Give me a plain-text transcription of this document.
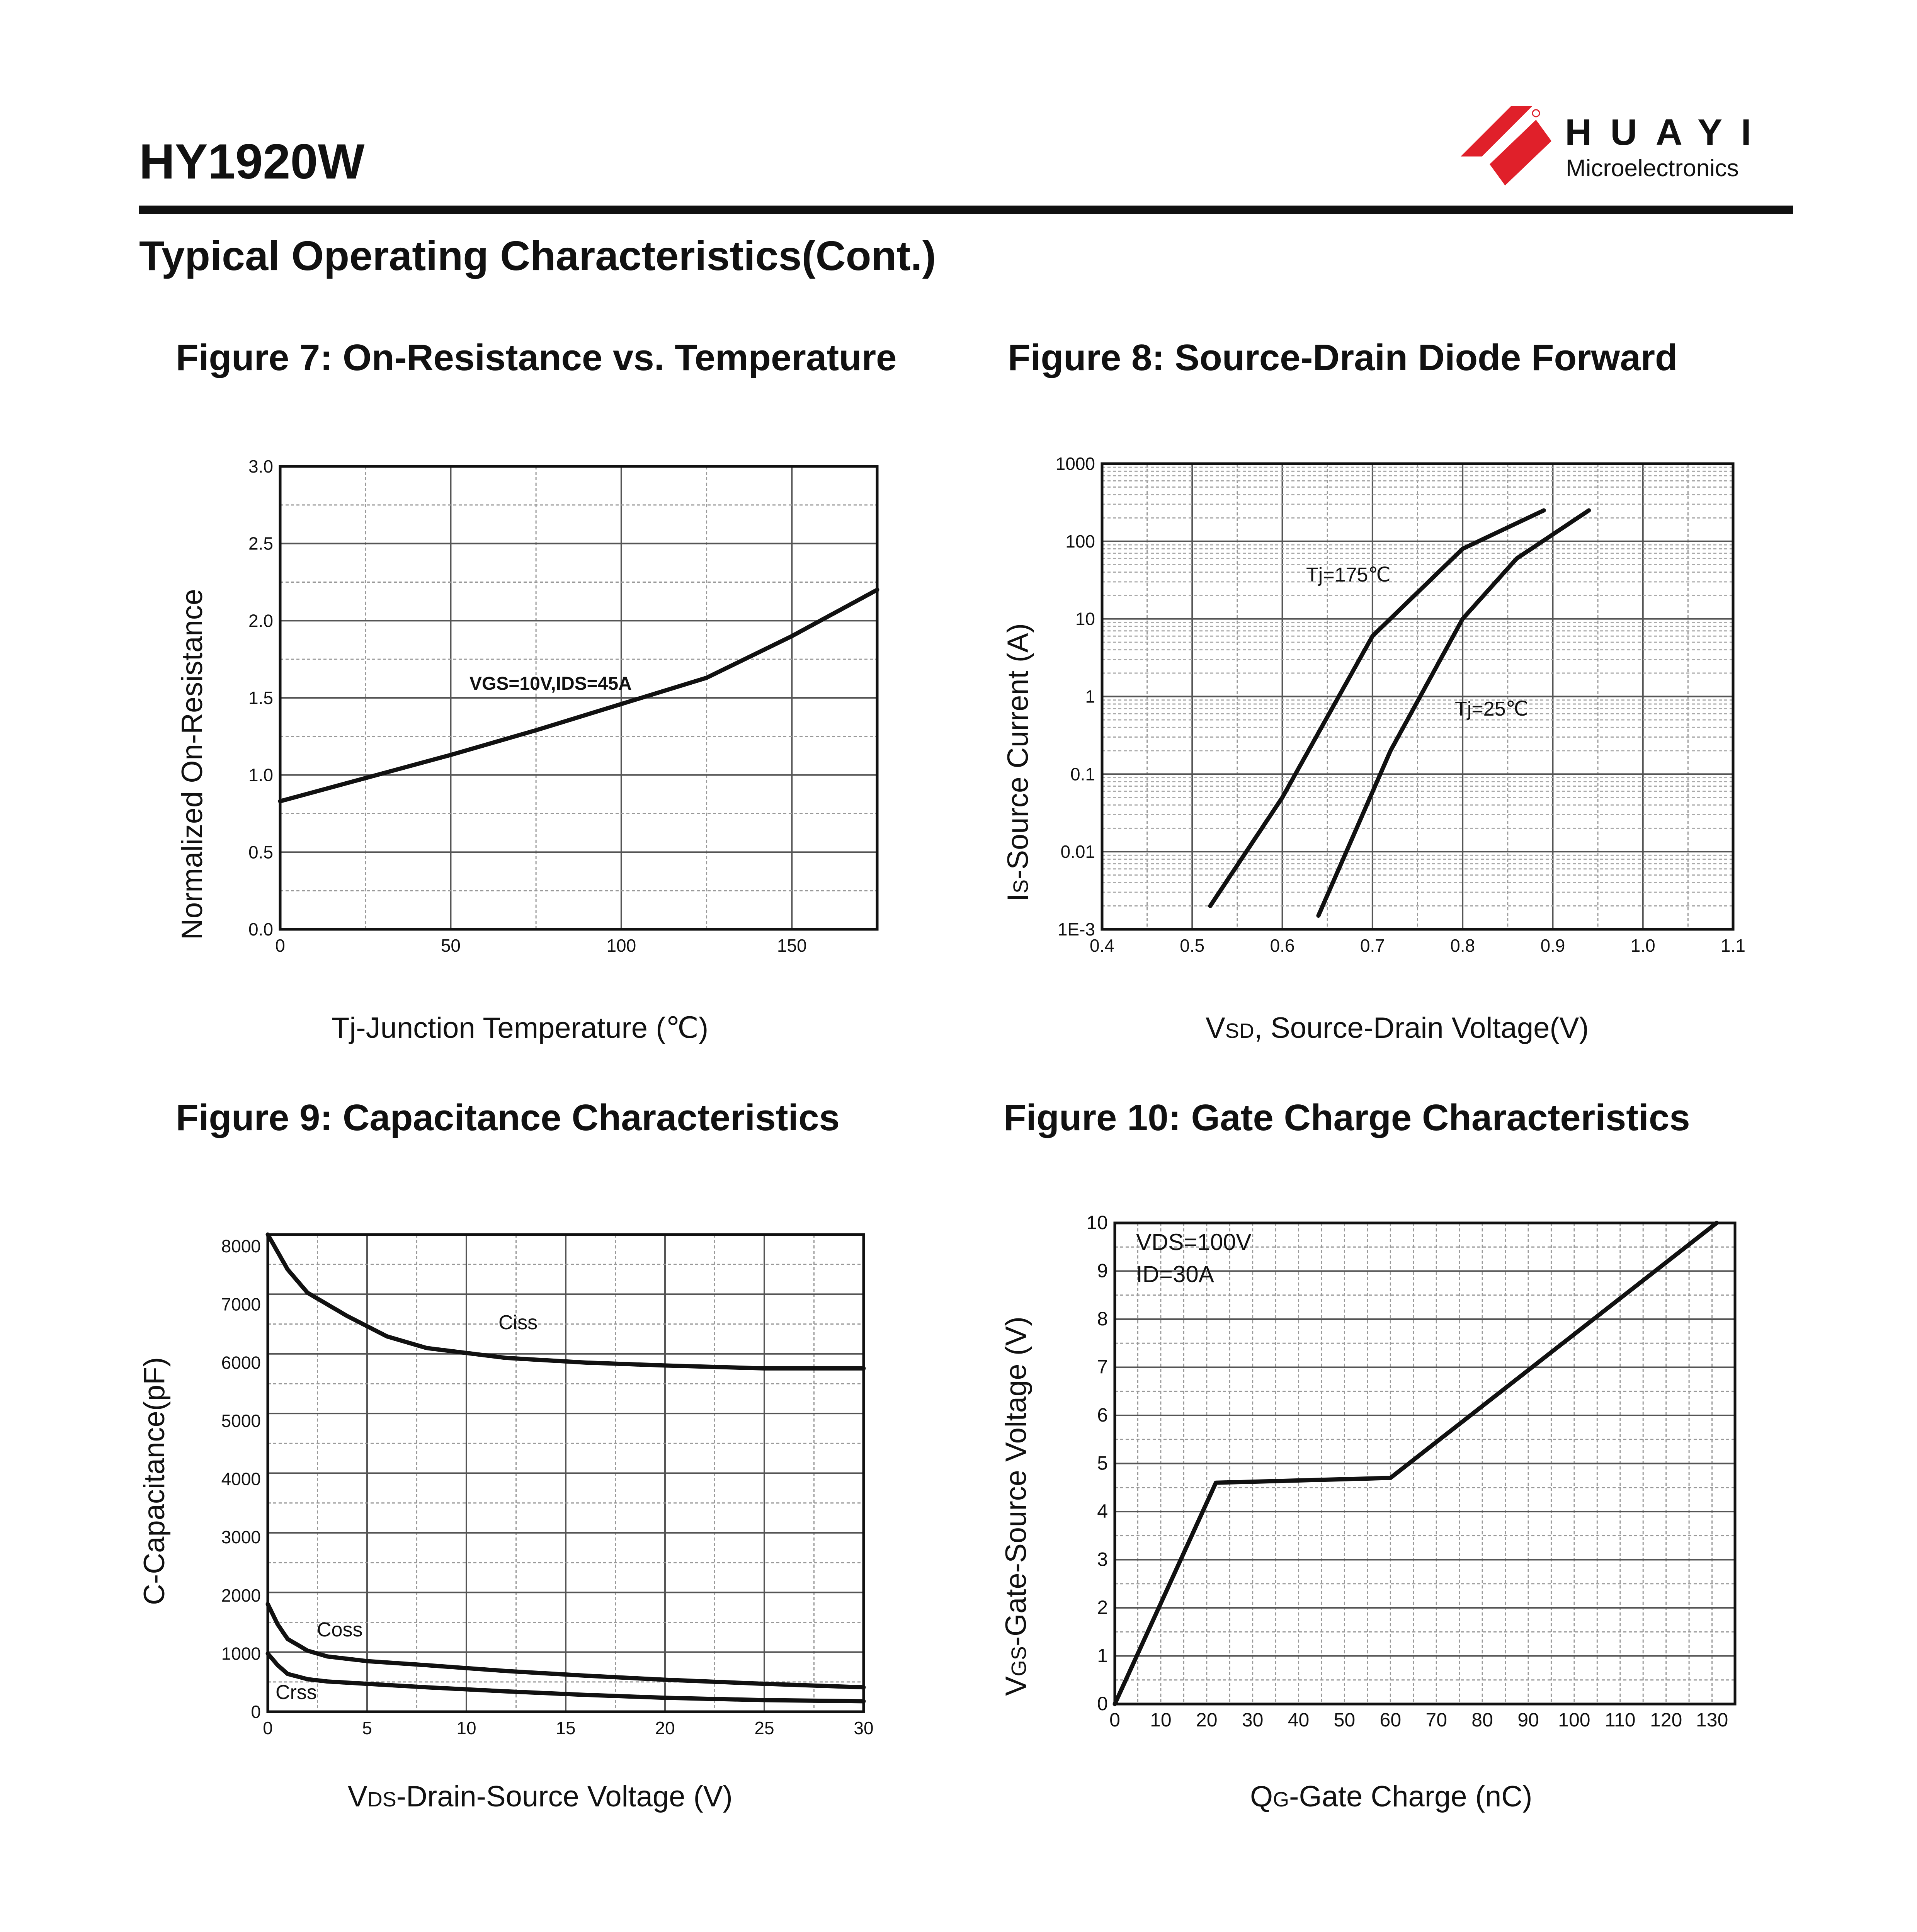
HY1920W
HUAYI
Microelectronics
Typical Operating Characteristics(Cont.)
Figure 7: On-Resistance vs. Temperature	Figure 8: Source-Drain Diode Forward
Figure 9: Capacitance Characteristics	Figure 10: Gate Charge Characteristics
0	50	100	150
0.0
0.5
1.0
1.5
2.0
2.5
3.0
0.4	0.5	0.6	0.7	0.8	0.9	1.0	1.1
1E-3
0.01
0.1
1
10
100
1000
0	5	10	15	20	25	30
0
1000
2000
3000
4000
5000
6000
7000
8000
0 10 20 30 40 50 60 70 80 90 100 110 120 130
0
1
2
3
4
5
6
7
8
9
10
VGS=10V,IDS=45A
Tj=175℃
Tj=25℃
Ciss
Coss
Crss
VDS=100V
ID=30A
Tj-Junction Temperature (℃)
Normalized On-Resistance
VSD, Source-Drain Voltage(V)
IS-Source Current (A)
VDS-Drain-Source Voltage (V)
C-Capacitance(pF)
QG-Gate Charge (nC)
VGS-Gate-Source Voltage (V)
